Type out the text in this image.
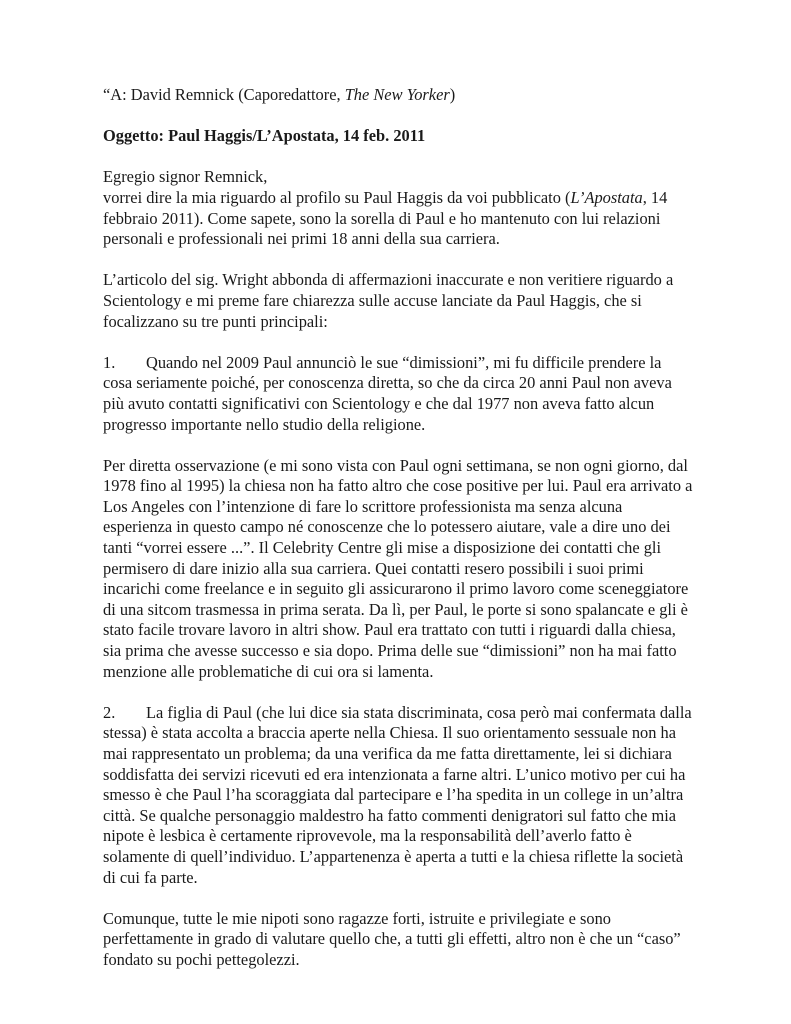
“A: David Remnick (Caporedattore, The New Yorker)

Oggetto: Paul Haggis/L’Apostata, 14 feb. 2011

Egregio signor Remnick,

vorrei dire la mia riguardo al profilo su Paul Haggis da voi pubblicato (L’Apostata, 14 febbraio 2011). Come sapete, sono la sorella di Paul e ho mantenuto con lui relazioni personali e professionali nei primi 18 anni della sua carriera.

L’articolo del sig. Wright abbonda di affermazioni inaccurate e non veritiere riguardo a Scientology e mi preme fare chiarezza sulle accuse lanciate da Paul Haggis, che si focalizzano su tre punti principali:

1. Quando nel 2009 Paul annunciò le sue “dimissioni”, mi fu difficile prendere la cosa seriamente poiché, per conoscenza diretta, so che da circa 20 anni Paul non aveva più avuto contatti significativi con Scientology e che dal 1977 non aveva fatto alcun progresso importante nello studio della religione.

Per diretta osservazione (e mi sono vista con Paul ogni settimana, se non ogni giorno, dal 1978 fino al 1995) la chiesa non ha fatto altro che cose positive per lui. Paul era arrivato a Los Angeles con l’intenzione di fare lo scrittore professionista ma senza alcuna esperienza in questo campo né conoscenze che lo potessero aiutare, vale a dire uno dei tanti “vorrei essere ...”. Il Celebrity Centre gli mise a disposizione dei contatti che gli permisero di dare inizio alla sua carriera. Quei contatti resero possibili i suoi primi incarichi come freelance e in seguito gli assicurarono il primo lavoro come sceneggiatore di una sitcom trasmessa in prima serata. Da lì, per Paul, le porte si sono spalancate e gli è stato facile trovare lavoro in altri show. Paul era trattato con tutti i riguardi dalla chiesa, sia prima che avesse successo e sia dopo. Prima delle sue “dimissioni” non ha mai fatto menzione alle problematiche di cui ora si lamenta.

2. La figlia di Paul (che lui dice sia stata discriminata, cosa però mai confermata dalla stessa) è stata accolta a braccia aperte nella Chiesa. Il suo orientamento sessuale non ha mai rappresentato un problema; da una verifica da me fatta direttamente, lei si dichiara soddisfatta dei servizi ricevuti ed era intenzionata a farne altri. L’unico motivo per cui ha smesso è che Paul l’ha scoraggiata dal partecipare e l’ha spedita in un college in un’altra città. Se qualche personaggio maldestro ha fatto commenti denigratori sul fatto che mia nipote è lesbica è certamente riprovevole, ma la responsabilità dell’averlo fatto è solamente di quell’individuo. L’appartenenza è aperta a tutti e la chiesa riflette la società di cui fa parte.

Comunque, tutte le mie nipoti sono ragazze forti, istruite e privilegiate e sono perfettamente in grado di valutare quello che, a tutti gli effetti, altro non è che un “caso” fondato su pochi pettegolezzi.
